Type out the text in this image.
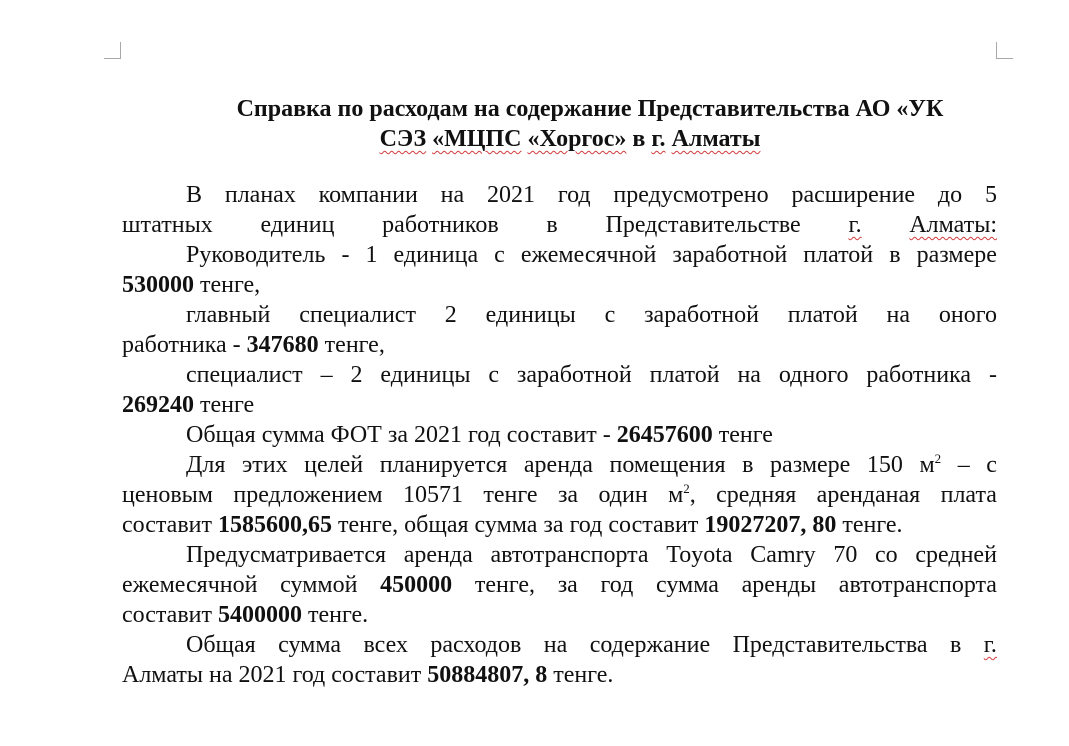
Справка по расходам на содержание Представительства АО «УК
СЭЗ «МЦПС «Хоргос» в г. Алматы
В планах компании на 2021 год предусмотрено расширение до 5
штатных единиц работников в Представительстве г. Алматы:
Руководитель - 1 единица с ежемесячной заработной платой в размере
530000 тенге,
главный специалист 2 единицы с заработной платой на оного
работника - 347680 тенге,
специалист – 2 единицы с заработной платой на одного работника -
269240 тенге
Общая сумма ФОТ за 2021 год составит - 26457600 тенге
Для этих целей планируется аренда помещения в размере 150 $м^2$ – с
ценовым предложением 10571 тенге за один $м^2$, средняя аренданая плата
составит 1585600,65 тенге, общая сумма за год составит 19027207, 80 тенге.
Предусматривается аренда автотранспорта Toyota Camry 70 со средней
ежемесячной суммой 450000 тенге, за год сумма аренды автотранспорта
составит 5400000 тенге.
Общая сумма всех расходов на содержание Представительства в г.
Алматы на 2021 год составит 50884807, 8 тенге.
